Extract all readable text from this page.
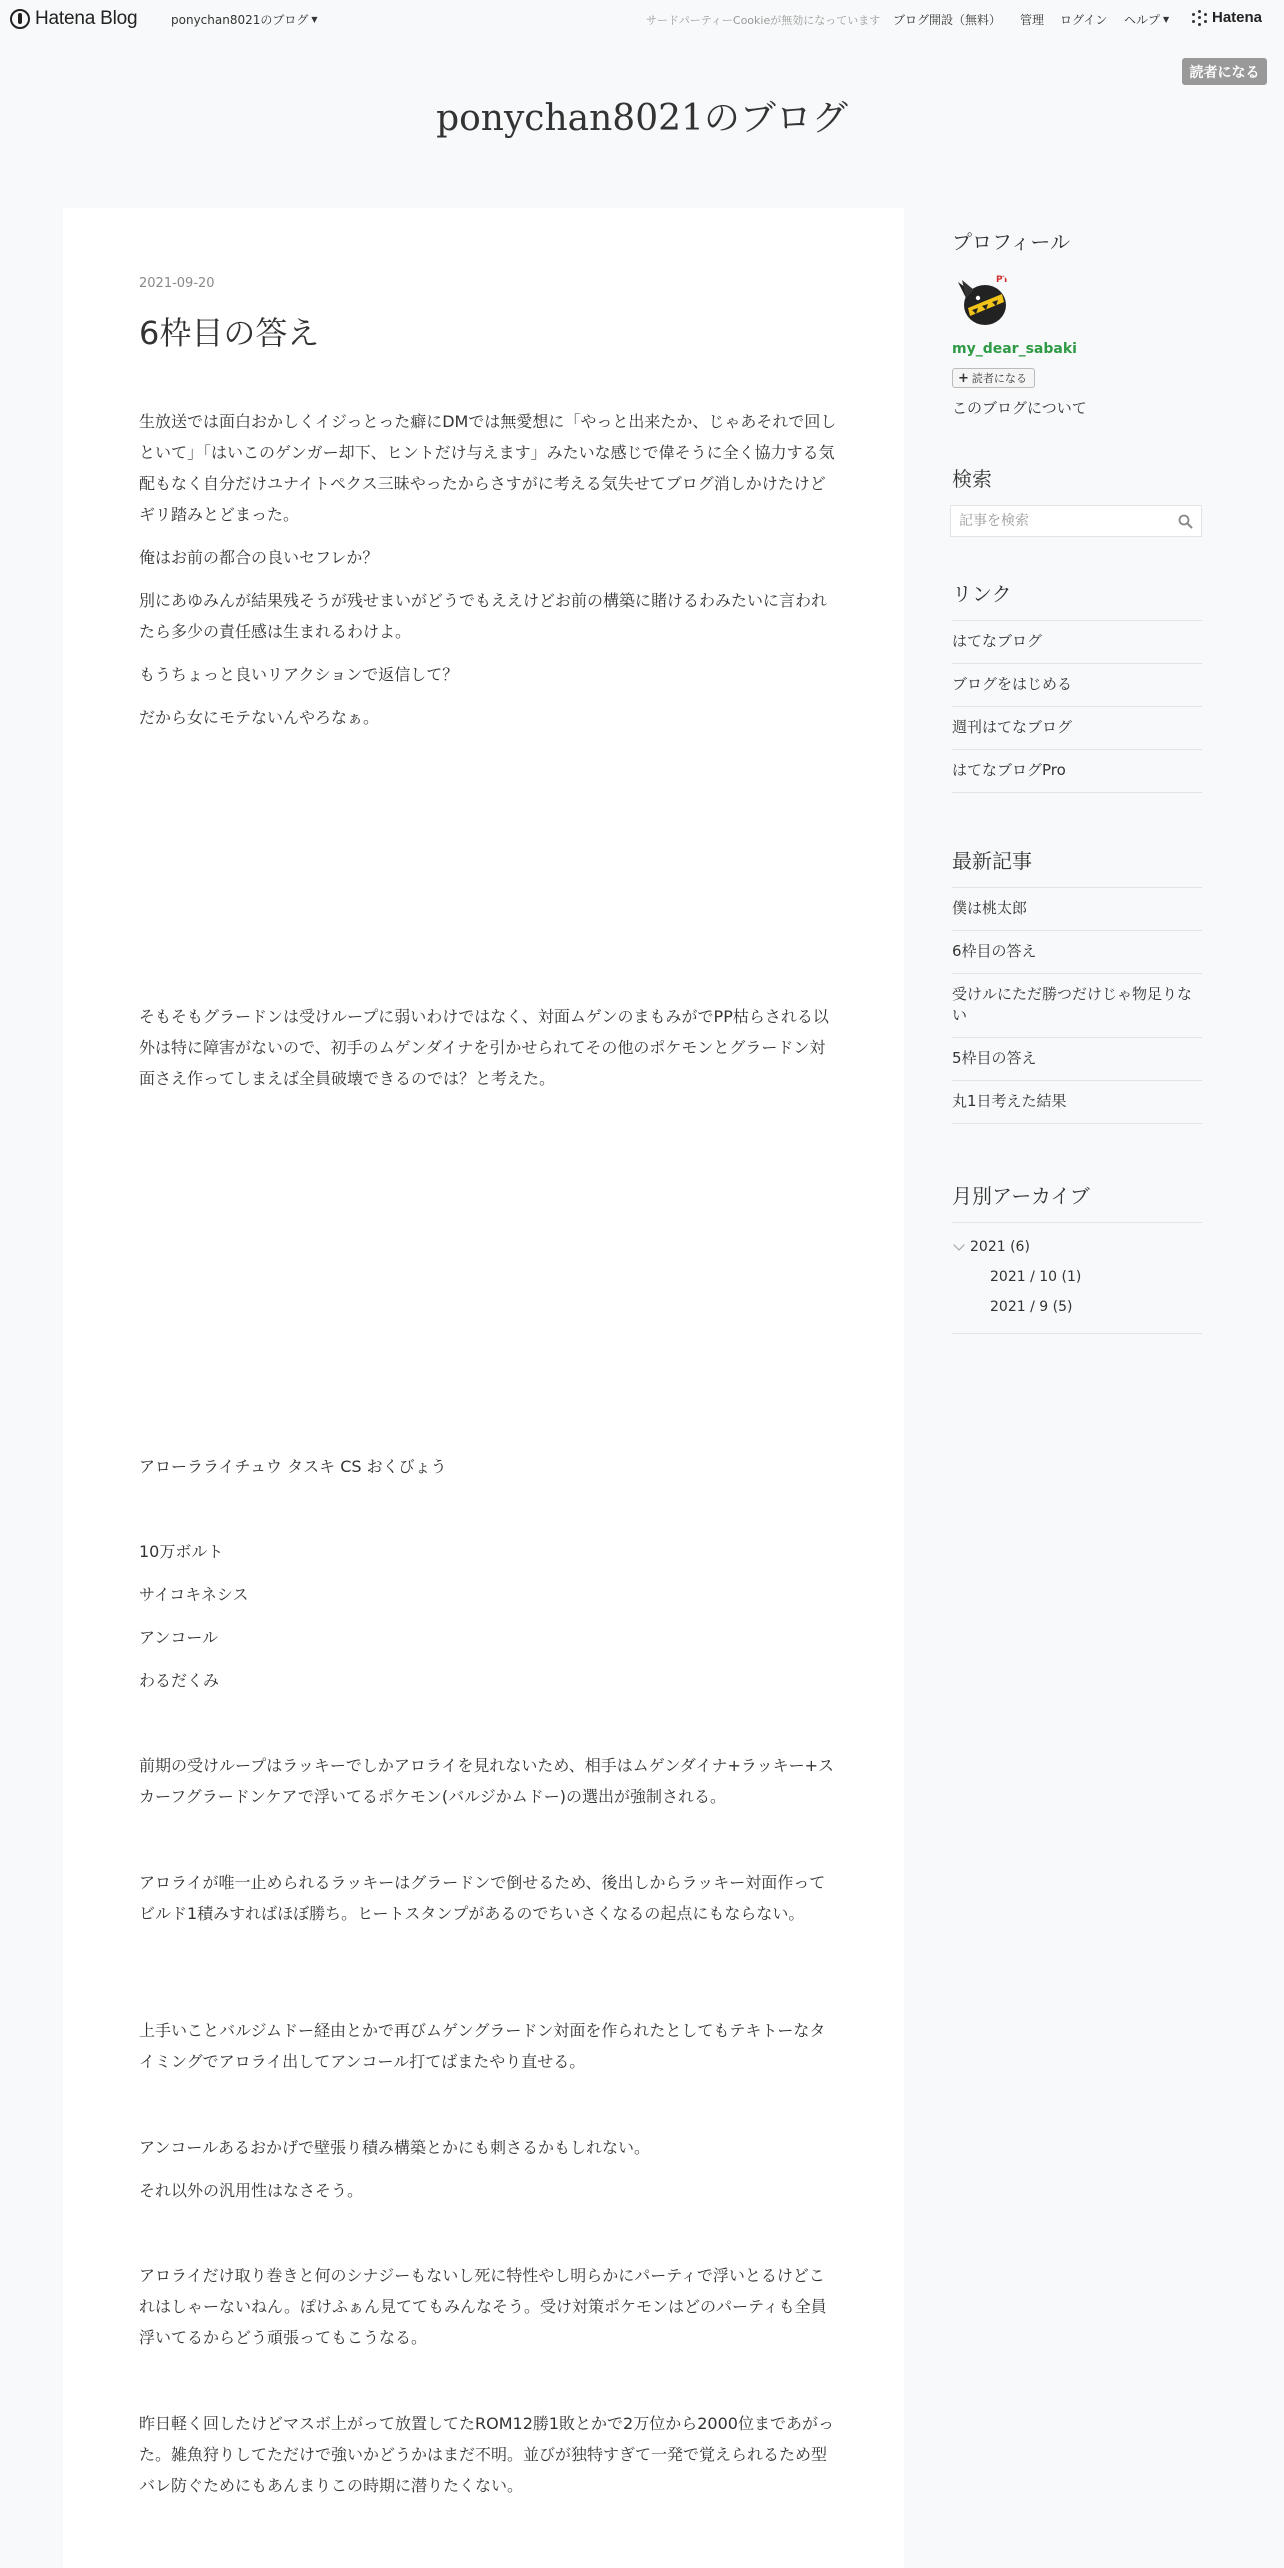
Hatena Blog	ponychan8021のブログ ▼	サードパーティーCookieが無効になっています ブログ開設（無料） 管理 ログイン ヘルプ ▼	Hatena
読者になる
ponychan8021のブログ
2021-09-20
6枠目の答え

生放送では面白おかしくイジっとった癖にDMでは無愛想に「やっと出来たか、じゃあそれで回しといて」「はいこのゲンガー却下、ヒントだけ与えます」みたいな感じで偉そうに全く協力する気配もなく自分だけユナイトペクス三昧やったからさすがに考える気失せてブログ消しかけたけどギリ踏みとどまった。

俺はお前の都合の良いセフレか？

別にあゆみんが結果残そうが残せまいがどうでもええけどお前の構築に賭けるわみたいに言われたら多少の責任感は生まれるわけよ。

もうちょっと良いリアクションで返信して？

だから女にモテないんやろなぁ。

そもそもグラードンは受けループに弱いわけではなく、対面ムゲンのまもみがでPP枯らされる以外は特に障害がないので、初手のムゲンダイナを引かせられてその他のポケモンとグラードン対面さえ作ってしまえば全員破壊できるのでは？と考えた。

アローラライチュウ タスキ CS おくびょう

10万ボルト

サイコキネシス

アンコール

わるだくみ

前期の受けループはラッキーでしかアロライを見れないため、相手はムゲンダイナ+ラッキー+スカーフグラードンケアで浮いてるポケモン(バルジかムドー)の選出が強制される。

アロライが唯一止められるラッキーはグラードンで倒せるため、後出しからラッキー対面作ってビルド1積みすればほぼ勝ち。ヒートスタンプがあるのでちいさくなるの起点にもならない。

上手いことバルジムドー経由とかで再びムゲングラードン対面を作られたとしてもテキトーなタイミングでアロライ出してアンコール打てばまたやり直せる。

アンコールあるおかげで壁張り積み構築とかにも刺さるかもしれない。

それ以外の汎用性はなさそう。

アロライだけ取り巻きと何のシナジーもないし死に特性やし明らかにパーティで浮いとるけどこれはしゃーないねん。ぽけふぁん見ててもみんなそう。受け対策ポケモンはどのパーティも全員浮いてるからどう頑張ってもこうなる。

昨日軽く回したけどマスボ上がって放置してたROM12勝1敗とかで2万位から2000位まであがった。雑魚狩りしてただけで強いかどうかはまだ不明。並びが独特すぎて一発で覚えられるため型バレ防ぐためにもあんまりこの時期に潜りたくない。

プロフィール
PT
my_dear_sabaki
+ 読者になる
このブログについて
検索
記事を検索
リンク
はてなブログ
ブログをはじめる
週刊はてなブログ
はてなブログPro
最新記事
僕は桃太郎
6枠目の答え
受けルにただ勝つだけじゃ物足りない
5枠目の答え
丸1日考えた結果
月別アーカイブ
2021 (6)
2021 / 10 (1)
2021 / 9 (5)
